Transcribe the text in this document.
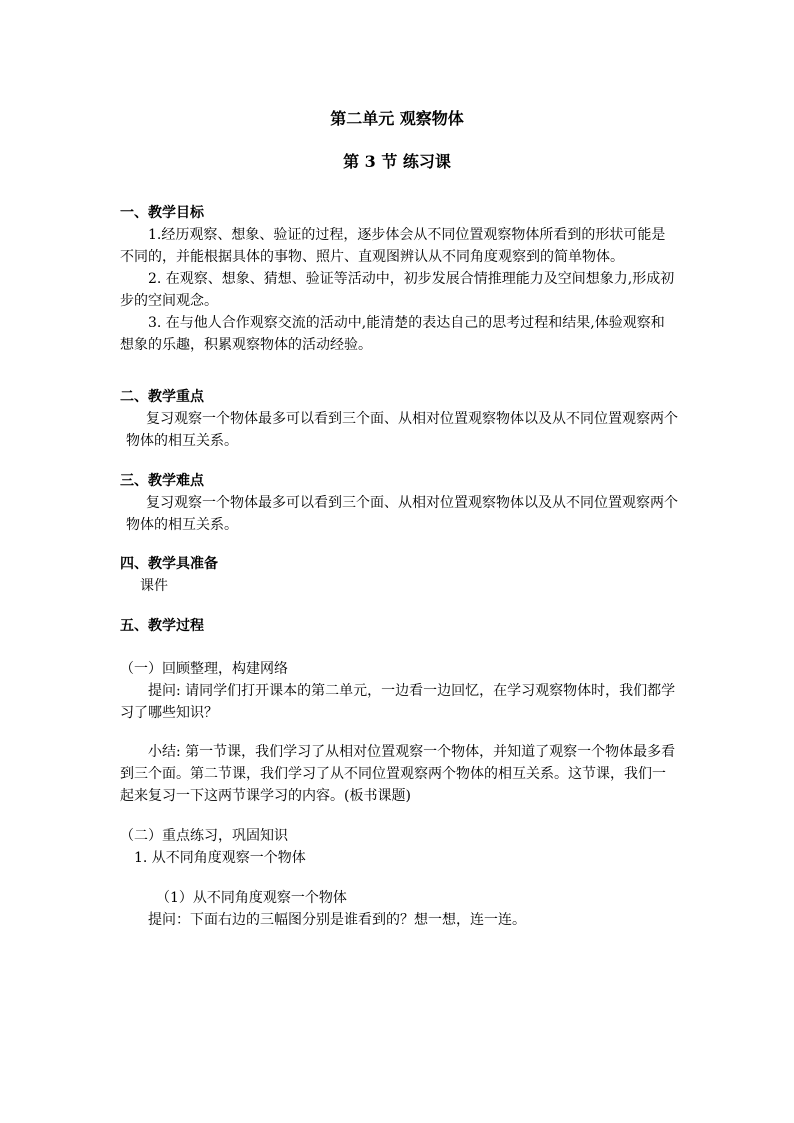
第二单元 观察物体
第 3 节 练习课
一、教学目标

1.经历观察、想象、验证的过程，逐步体会从不同位置观察物体所看到的形状可能是不同的，并能根据具体的事物、照片、直观图辨认从不同角度观察到的简单物体。

2. 在观察、想象、猜想、验证等活动中，初步发展合情推理能力及空间想象力,形成初步的空间观念。

3. 在与他人合作观察交流的活动中,能清楚的表达自己的思考过程和结果,体验观察和想象的乐趣，积累观察物体的活动经验。

二、教学重点

复习观察一个物体最多可以看到三个面、从相对位置观察物体以及从不同位置观察两个物体的相互关系。

三、教学难点

复习观察一个物体最多可以看到三个面、从相对位置观察物体以及从不同位置观察两个物体的相互关系。

四、教学具准备

课件

五、教学过程

（一）回顾整理，构建网络

提问: 请同学们打开课本的第二单元，一边看一边回忆，在学习观察物体时，我们都学习了哪些知识？

小结: 第一节课，我们学习了从相对位置观察一个物体，并知道了观察一个物体最多看到三个面。第二节课，我们学习了从不同位置观察两个物体的相互关系。这节课，我们一起来复习一下这两节课学习的内容。(板书课题)

（二）重点练习，巩固知识

1. 从不同角度观察一个物体

（1）从不同角度观察一个物体

提问：下面右边的三幅图分别是谁看到的？想一想，连一连。
